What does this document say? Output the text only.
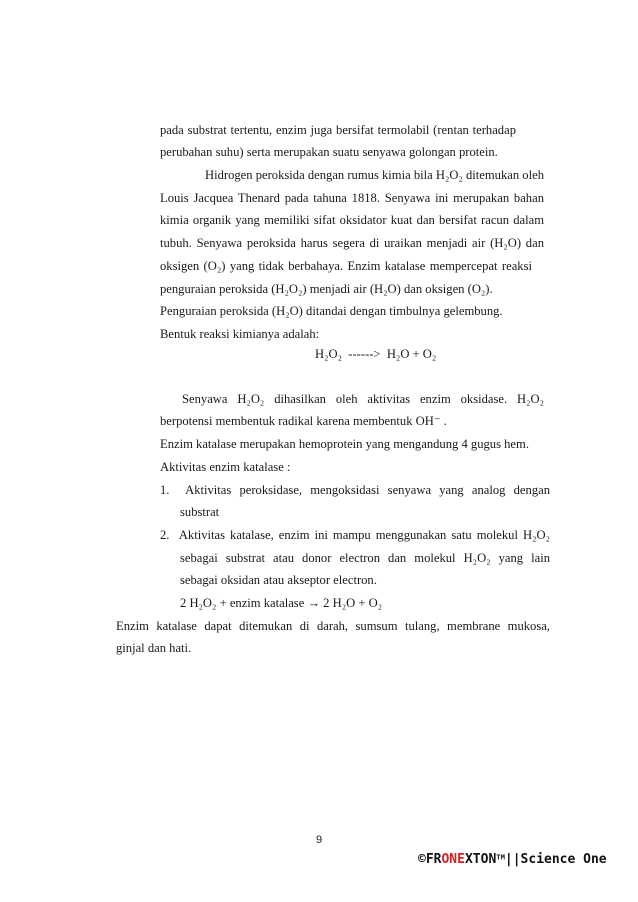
pada substrat tertentu, enzim juga bersifat termolabil (rentan terhadap
perubahan suhu) serta merupakan suatu senyawa golongan protein.
Hidrogen peroksida dengan rumus kimia bila H₂O₂ ditemukan oleh
Louis Jacquea Thenard pada tahuna 1818. Senyawa ini merupakan bahan
kimia organik yang memiliki sifat oksidator kuat dan bersifat racun dalam
tubuh. Senyawa peroksida harus segera di uraikan menjadi air (H₂O) dan
oksigen (O₂) yang tidak berbahaya. Enzim katalase mempercepat reaksi
penguraian peroksida (H₂O₂) menjadi air (H₂O) dan oksigen (O₂).
Penguraian peroksida (H₂O) ditandai dengan timbulnya gelembung.
Bentuk reaksi kimianya adalah:
H₂O₂  ------>  H₂O + O₂
Senyawa H₂O₂ dihasilkan oleh aktivitas enzim oksidase. H₂O₂
berpotensi membentuk radikal karena membentuk OH⁻ .
Enzim katalase merupakan hemoprotein yang mengandung 4 gugus hem.
Aktivitas enzim katalase :
1.  Aktivitas peroksidase, mengoksidasi senyawa yang analog dengan
substrat
2.  Aktivitas katalase, enzim ini mampu menggunakan satu molekul H₂O₂
sebagai substrat atau donor electron dan molekul H₂O₂ yang lain
sebagai oksidan atau akseptor electron.
2 H₂O₂ + enzim katalase → 2 H₂O + O₂
Enzim katalase dapat ditemukan di darah, sumsum tulang, membrane mukosa,
ginjal dan hati.
9
©FRONEXTON™||Science One
